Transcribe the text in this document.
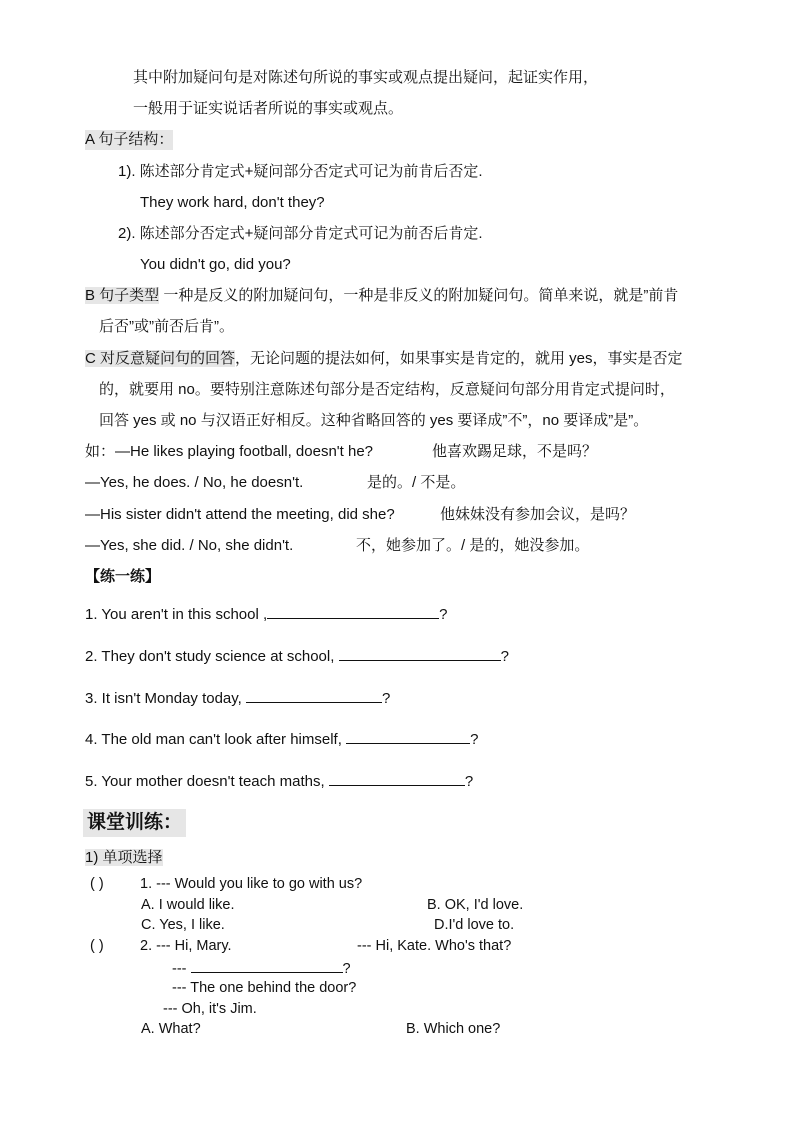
其中附加疑问句是对陈述句所说的事实或观点提出疑问，起证实作用，
一般用于证实说话者所说的事实或观点。
A 句子结构：
1). 陈述部分肯定式+疑问部分否定式可记为前肯后否定.
They work hard, don't they?
2). 陈述部分否定式+疑问部分肯定式可记为前否后肯定.
You didn't go, did you?
B 句子类型 一种是反义的附加疑问句，一种是非反义的附加疑问句。简单来说，就是”前肯
后否”或”前否后肯”。
C 对反意疑问句的回答，无论问题的提法如何，如果事实是肯定的，就用 yes，事实是否定
的，就要用 no。要特别注意陈述句部分是否定结构，反意疑问句部分用肯定式提问时，
回答 yes 或 no 与汉语正好相反。这种省略回答的 yes 要译成”不”，no 要译成”是”。
如：—He likes playing football, doesn't he?	他喜欢踢足球，不是吗？
—Yes, he does. / No, he doesn't.	是的。/ 不是。
—His sister didn't attend the meeting, did she?	他妹妹没有参加会议，是吗？
—Yes, she did. / No, she didn't.	不，她参加了。/ 是的，她没参加。
【练一练】
1. You aren't in this school ,	?
2. They don't study science at school,	?
3. It isn't Monday today,	?
4. The old man can't look after himself,	?
5. Your mother doesn't teach maths,	?
课堂训练：
1) 单项选择
( )	1. --- Would you like to go with us?
A. I would like.	B. OK, I'd love.
C. Yes, I like.	D.I'd love to.
( )	2. --- Hi, Mary.	--- Hi, Kate. Who's that?
---	?
--- The one behind the door?
--- Oh, it's Jim.
A. What?	B. Which one?
